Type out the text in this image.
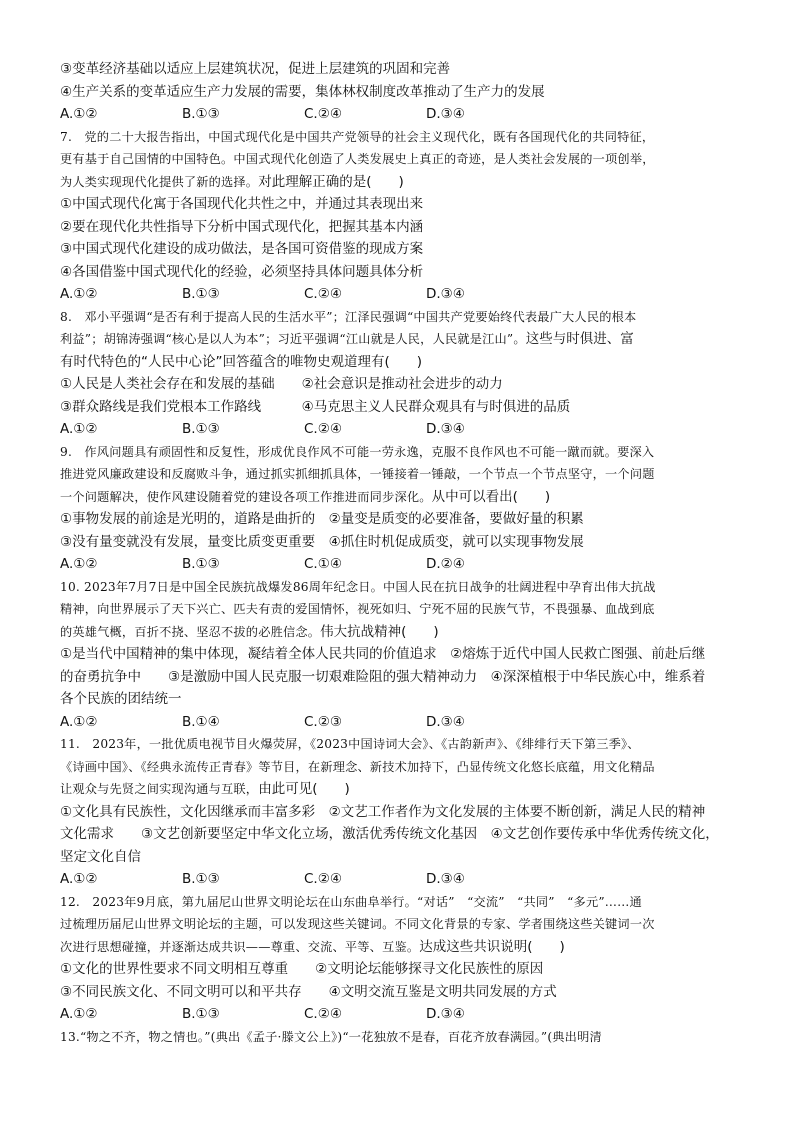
③变革经济基础以适应上层建筑状况，促进上层建筑的巩固和完善
④生产关系的变革适应生产力发展的需要，集体林权制度改革推动了生产力的发展
A.①②	B.①③	C.②④	D.③④
7.　党的二十大报告指出，中国式现代化是中国共产党领导的社会主义现代化，既有各国现代化的共同特征，
更有基于自己国情的中国特色。中国式现代化创造了人类发展史上真正的奇迹，是人类社会发展的一项创举，
为人类实现现代化提供了新的选择。对此理解正确的是(　　)
①中国式现代化寓于各国现代化共性之中，并通过其表现出来
②要在现代化共性指导下分析中国式现代化，把握其基本内涵
③中国式现代化建设的成功做法，是各国可资借鉴的现成方案
④各国借鉴中国式现代化的经验，必须坚持具体问题具体分析
A.①②	B.①③	C.②④	D.③④
8.　邓小平强调“是否有利于提高人民的生活水平”；江泽民强调“中国共产党要始终代表最广大人民的根本
利益”；胡锦涛强调“核心是以人为本”；习近平强调“江山就是人民，人民就是江山”。这些与时俱进、富
有时代特色的“人民中心论”回答蕴含的唯物史观道理有(　　)
①人民是人类社会存在和发展的基础　　②社会意识是推动社会进步的动力
③群众路线是我们党根本工作路线　　　④马克思主义人民群众观具有与时俱进的品质
A.①②	B.①③	C.②④	D.③④
9.　作风问题具有顽固性和反复性，形成优良作风不可能一劳永逸，克服不良作风也不可能一蹴而就。要深入
推进党风廉政建设和反腐败斗争，通过抓实抓细抓具体，一锤接着一锤敲，一个节点一个节点坚守，一个问题
一个问题解决，使作风建设随着党的建设各项工作推进而同步深化。从中可以看出(　　)
①事物发展的前途是光明的，道路是曲折的　②量变是质变的必要准备，要做好量的积累
③没有量变就没有发展，量变比质变更重要　④抓住时机促成质变，就可以实现事物发展
A.①②	B.①③	C.①④	D.②④
10. 2023年7月7日是中国全民族抗战爆发86周年纪念日。中国人民在抗日战争的壮阔进程中孕育出伟大抗战
精神，向世界展示了天下兴亡、匹夫有责的爱国情怀，视死如归、宁死不屈的民族气节，不畏强暴、血战到底
的英雄气概，百折不挠、坚忍不拔的必胜信念。伟大抗战精神(　　)
①是当代中国精神的集中体现，凝结着全体人民共同的价值追求　②熔炼于近代中国人民救亡图强、前赴后继
的奋勇抗争中　　③是激励中国人民克服一切艰难险阻的强大精神动力　④深深植根于中华民族心中，维系着
各个民族的团结统一
A.①②	B.①④	C.②③	D.③④
11.　2023年，一批优质电视节目火爆荧屏，《2023中国诗词大会》、《古韵新声》、《绯绯行天下第三季》、
《诗画中国》、《经典永流传正青春》等节目，在新理念、新技术加持下，凸显传统文化悠长底蕴，用文化精品
让观众与先贤之间实现沟通与互联，由此可见(　　)
①文化具有民族性，文化因继承而丰富多彩　②文艺工作者作为文化发展的主体要不断创新，满足人民的精神
文化需求　　③文艺创新要坚定中华文化立场，激活优秀传统文化基因　④文艺创作要传承中华优秀传统文化，
坚定文化自信
A.①②	B.①③	C.②④	D.③④
12.　2023年9月底，第九届尼山世界文明论坛在山东曲阜举行。“对话”　“交流”　“共同”　“多元”……通
过梳理历届尼山世界文明论坛的主题，可以发现这些关键词。不同文化背景的专家、学者围绕这些关键词一次
次进行思想碰撞，并逐渐达成共识——尊重、交流、平等、互鉴。达成这些共识说明(　　)
①文化的世界性要求不同文明相互尊重　　②文明论坛能够探寻文化民族性的原因
③不同民族文化、不同文明可以和平共存　　④文明交流互鉴是文明共同发展的方式
A.①②	B.①③	C.②④	D.③④
13.“物之不齐，物之情也。”(典出《孟子·滕文公上》)“一花独放不是春，百花齐放春满园。”(典出明清
